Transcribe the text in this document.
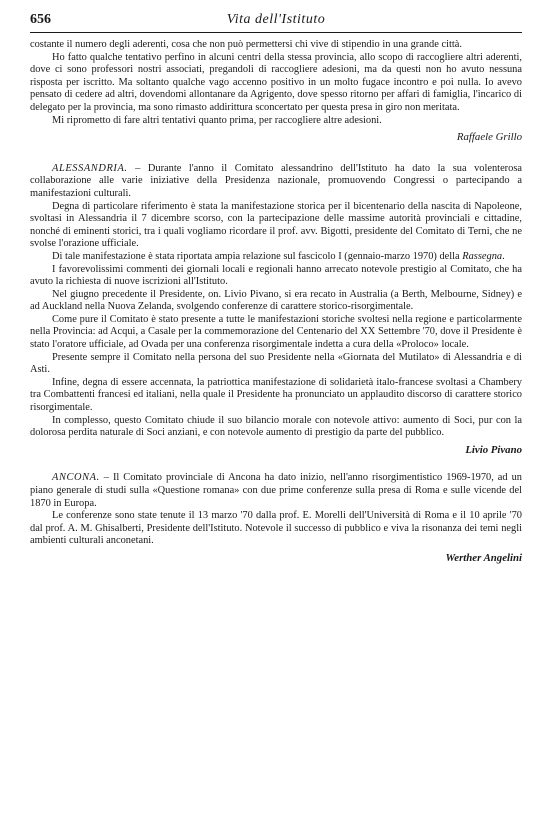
656	Vita dell'Istituto

costante il numero degli aderenti, cosa che non può permettersi chi vive di stipendio in una grande città.

Ho fatto qualche tentativo perfino in alcuni centri della stessa provincia, allo scopo di raccogliere altri aderenti, dove ci sono professori nostri associati, pregandoli di raccogliere adesioni, ma da questi non ho avuto nessuna risposta per iscritto. Ma soltanto qualche vago accenno positivo in un molto fugace incontro e poi nulla. Io avevo pensato di cedere ad altri, dovendomi allontanare da Agrigento, dove spesso ritorno per affari di famiglia, l'incarico di delegato per la provincia, ma sono rimasto addirittura sconcertato per questa presa in giro non meritata.

Mi riprometto di fare altri tentativi quanto prima, per raccogliere altre adesioni.

Raffaele Grillo

ALESSANDRIA. – Durante l'anno il Comitato alessandrino dell'Istituto ha dato la sua volenterosa collaborazione alle varie iniziative della Presidenza nazionale, promuovendo Congressi o partecipando a manifestazioni culturali.

Degna di particolare riferimento è stata la manifestazione storica per il bicentenario della nascita di Napoleone, svoltasi in Alessandria il 7 dicembre scorso, con la partecipazione delle massime autorità provinciali e cittadine, nonché di eminenti storici, tra i quali vogliamo ricordare il prof. avv. Bigotti, presidente del Comitato di Terni, che ne svolse l'orazione ufficiale.

Di tale manifestazione è stata riportata ampia relazione sul fascicolo I (gennaio-marzo 1970) della Rassegna.

I favorevolissimi commenti dei giornali locali e regionali hanno arrecato notevole prestigio al Comitato, che ha avuto la richiesta di nuove iscrizioni all'Istituto.

Nel giugno precedente il Presidente, on. Livio Pivano, si era recato in Australia (a Berth, Melbourne, Sidney) e ad Auckland nella Nuova Zelanda, svolgendo conferenze di carattere storico-risorgimentale.

Come pure il Comitato è stato presente a tutte le manifestazioni storiche svoltesi nella regione e particolarmente nella Provincia: ad Acqui, a Casale per la commemorazione del Centenario del XX Settembre '70, dove il Presidente è stato l'oratore ufficiale, ad Ovada per una conferenza risorgimentale indetta a cura della «Proloco» locale.

Presente sempre il Comitato nella persona del suo Presidente nella «Giornata del Mutilato» di Alessandria e di Asti.

Infine, degna di essere accennata, la patriottica manifestazione di solidarietà italo-francese svoltasi a Chambery tra Combattenti francesi ed italiani, nella quale il Presidente ha pronunciato un applaudito discorso di carattere storico risorgimentale.

In complesso, questo Comitato chiude il suo bilancio morale con notevole attivo: aumento di Soci, pur con la dolorosa perdita naturale di Soci anziani, e con notevole aumento di prestigio da parte del pubblico.

Livio Pivano

ANCONA. – Il Comitato provinciale di Ancona ha dato inizio, nell'anno risorgimentistico 1969-1970, ad un piano generale di studi sulla «Questione romana» con due prime conferenze sulla presa di Roma e sulle vicende del 1870 in Europa.

Le conferenze sono state tenute il 13 marzo '70 dalla prof. E. Morelli dell'Università di Roma e il 10 aprile '70 dal prof. A. M. Ghisalberti, Presidente dell'Istituto. Notevole il successo di pubblico e viva la risonanza dei temi negli ambienti culturali anconetani.

Werther Angelini
